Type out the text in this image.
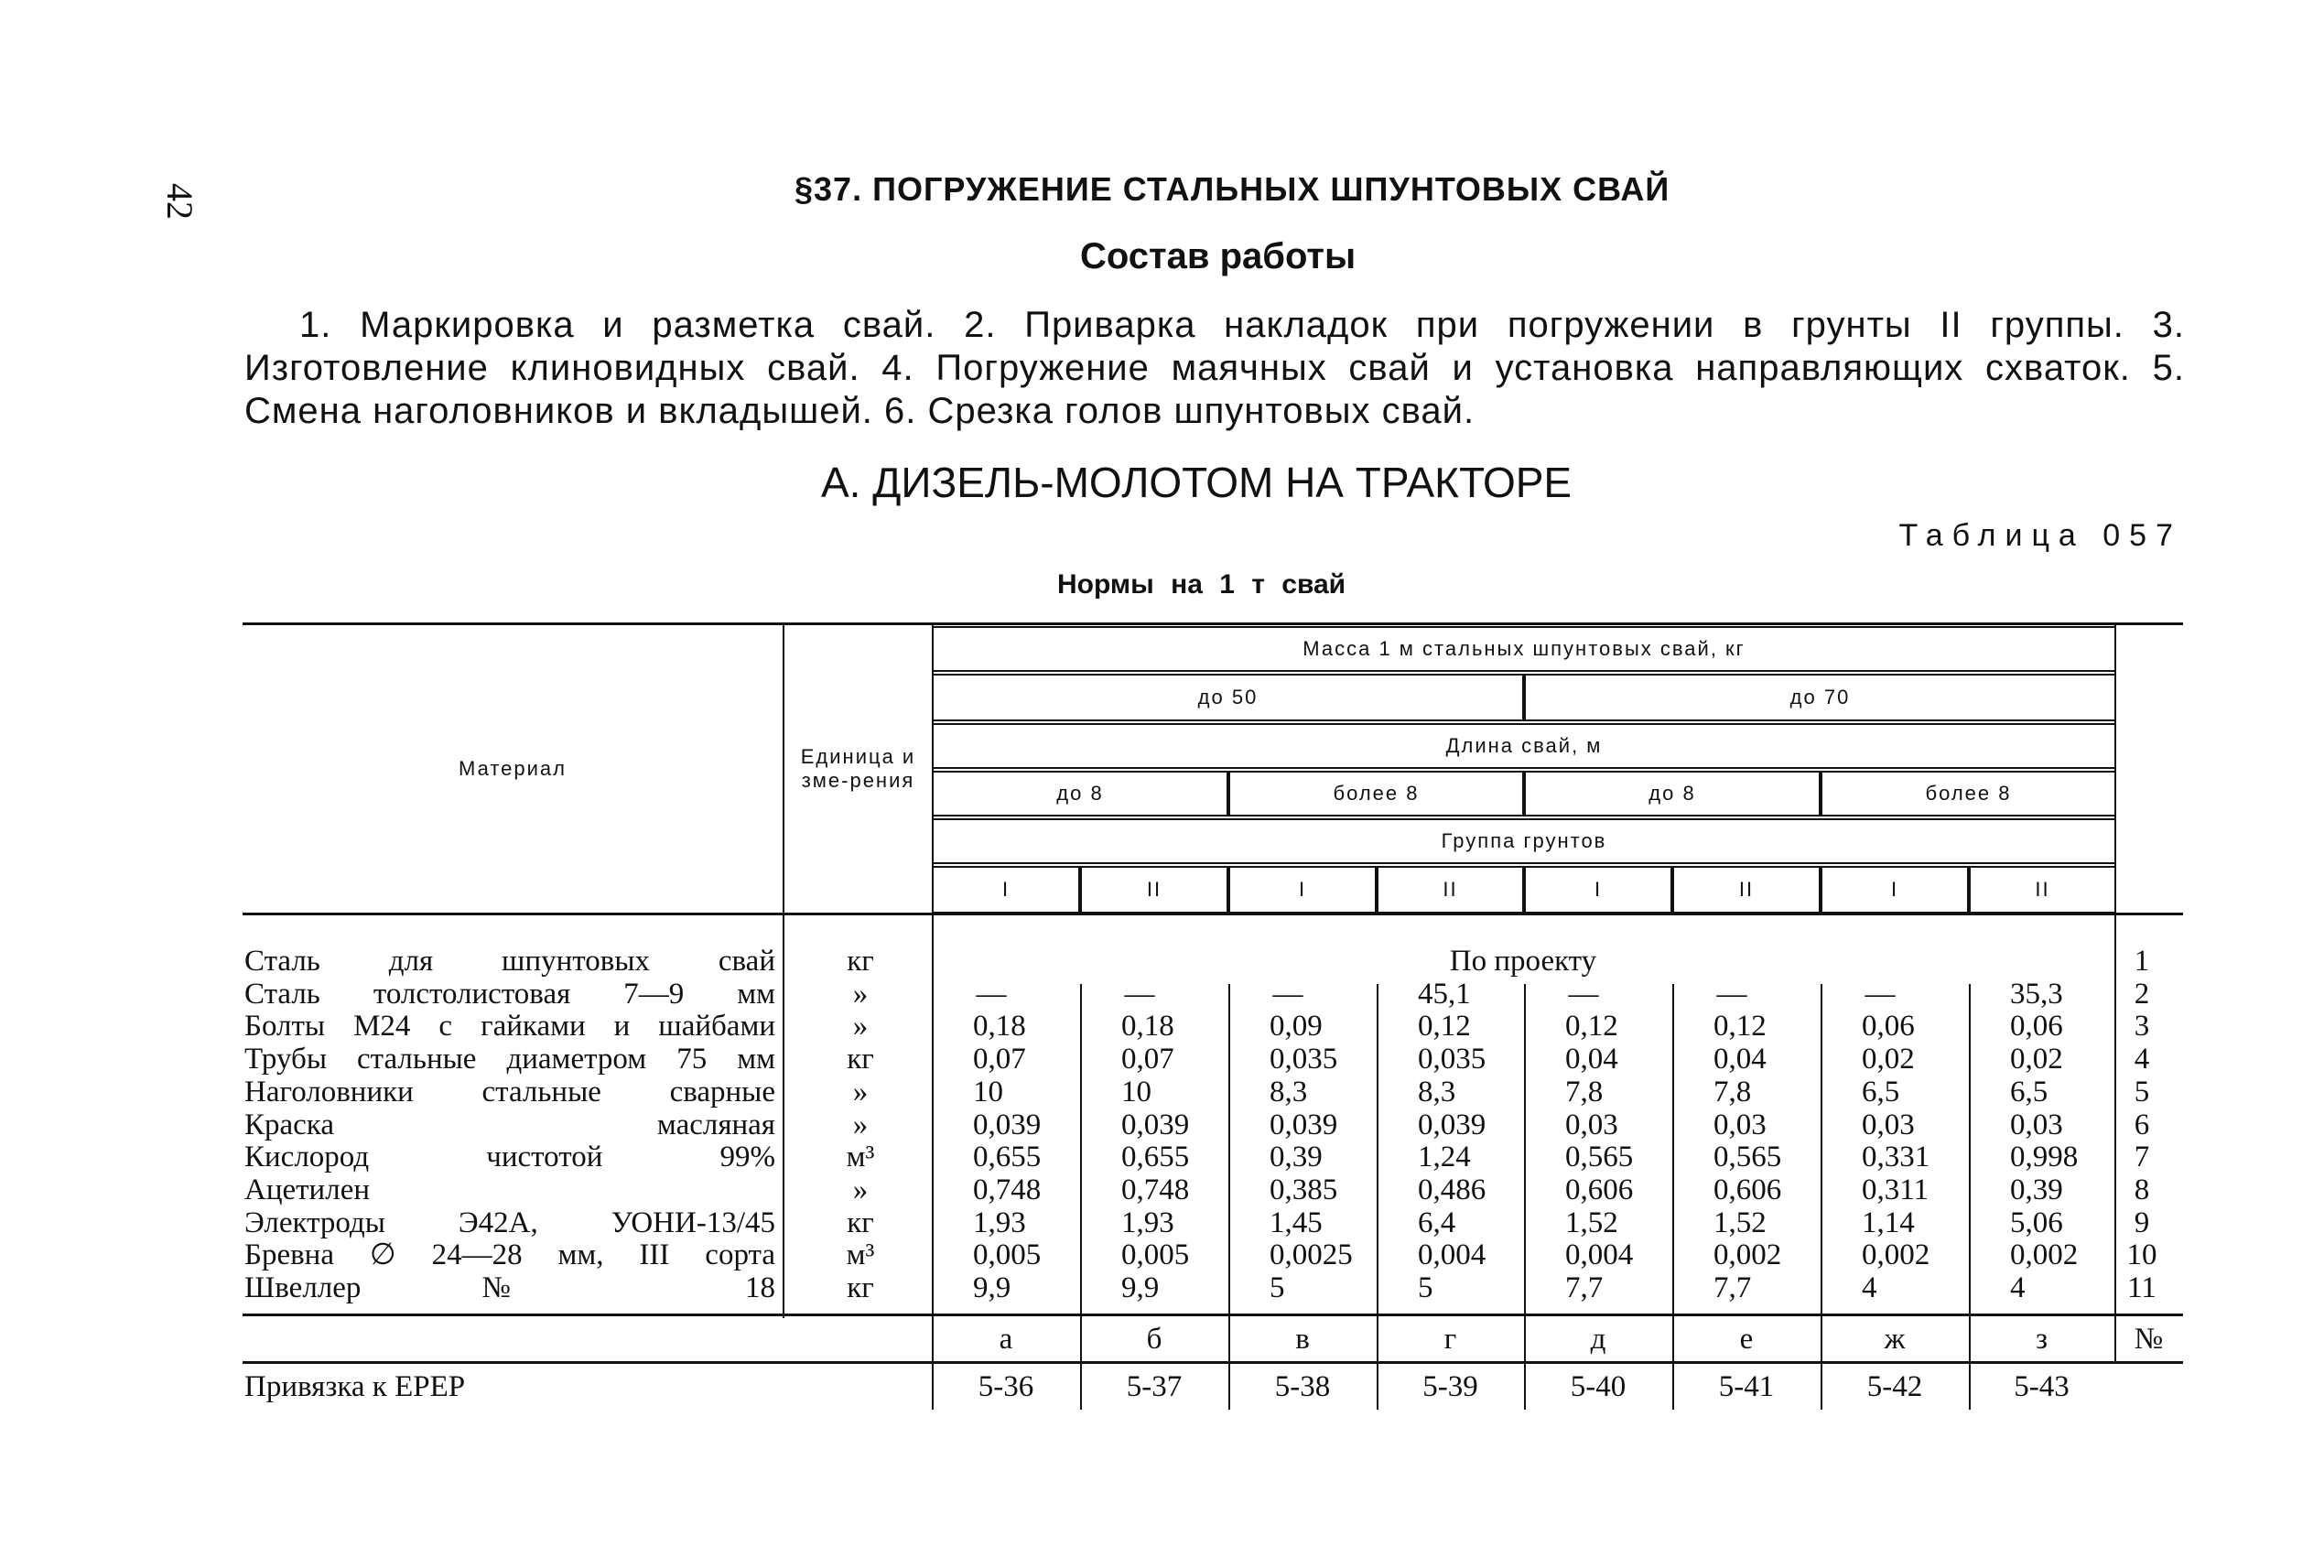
42	§37. ПОГРУЖЕНИЕ СТАЛЬНЫХ ШПУНТОВЫХ СВАЙ
Состав работы
1. Маркировка и разметка свай. 2. Приварка накладок при погружении в грунты II группы. 3. Изготовление клиновидных свай. 4. Погружение маячных свай и установка направляющих схваток. 5. Смена наголовников и вкладышей. 6. Срезка голов шпунтовых свай.
А. ДИЗЕЛЬ-МОЛОТОМ НА ТРАКТОРЕ
Таблица 057
Нормы на 1 т свай
Материал
Единица изме-рения
Масса 1 м стальных шпунтовых свай, кг
до 50	до 70
Длина свай, м
до 8	более 8	до 8	более 8
Группа грунтов
I	II	I	II	I	II	I	II
Сталь для шпунтовых свай	кг	По проекту	1
Сталь толстолистовая 7—9 мм	»	—	—	—	45,1	—	—	—	35,3	2
Болты М24 с гайками и шайбами	»	0,18	0,18	0,09	0,12	0,12	0,12	0,06	0,06	3
Трубы стальные диаметром 75 мм	кг	0,07	0,07	0,035	0,035	0,04	0,04	0,02	0,02	4
Наголовники стальные сварные	»	10	10	8,3	8,3	7,8	7,8	6,5	6,5	5
Краска масляная	»	0,039	0,039	0,039	0,039	0,03	0,03	0,03	0,03	6
Кислород чистотой 99%	м³	0,655	0,655	0,39	1,24	0,565	0,565	0,331	0,998	7
Ацетилен	»	0,748	0,748	0,385	0,486	0,606	0,606	0,311	0,39	8
Электроды Э42А, УОНИ-13/45	кг	1,93	1,93	1,45	6,4	1,52	1,52	1,14	5,06	9
Бревна ∅ 24—28 мм, III сорта	м³	0,005	0,005	0,0025	0,004	0,004	0,002	0,002	0,002	10
Швеллер № 18	кг	9,9	9,9	5	5	7,7	7,7	4	4	11
а	б	в	г	д	е	ж	з	№
Привязка к ЕРЕР	5-36	5-37	5-38	5-39	5-40	5-41	5-42	5-43
